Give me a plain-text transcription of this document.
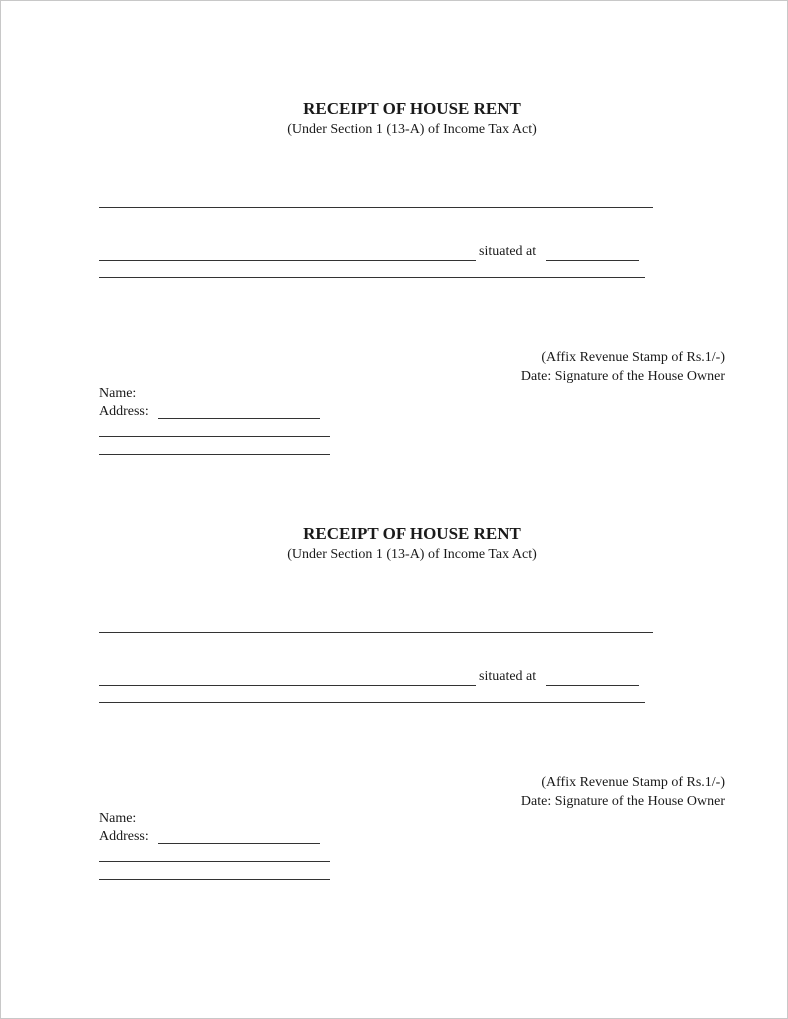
RECEIPT OF HOUSE RENT
(Under Section 1 (13-A) of Income Tax Act)
situated at
(Affix Revenue Stamp of Rs.1/-)
Date: Signature of the House Owner
Name:
Address:
RECEIPT OF HOUSE RENT
(Under Section 1 (13-A) of Income Tax Act)
situated at
(Affix Revenue Stamp of Rs.1/-)
Date: Signature of the House Owner
Name:
Address:
